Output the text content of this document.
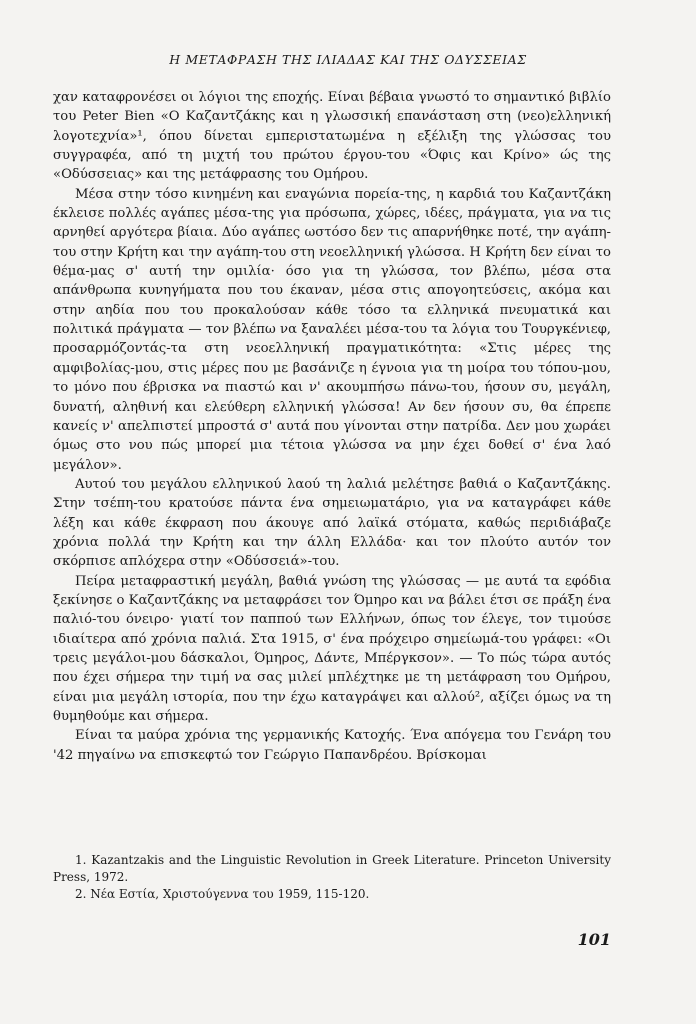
Η ΜΕΤΑΦΡΑΣΗ ΤΗΣ ΙΛΙΑΔΑΣ ΚΑΙ ΤΗΣ ΟΔΥΣΣΕΙΑΣ

χαν καταφρονέσει οι λόγιοι της εποχής. Είναι βέβαια γνωστό το σημαντικό βιβλίο του Peter Bien «Ο Καζαντζάκης και η γλωσσική επανάσταση στη (νεο)ελληνική λογοτεχνία»¹, όπου δίνεται εμπεριστατωμένα η εξέλιξη της γλώσσας του συγγραφέα, από τη μιχτή του πρώτου έργου-του «Όφις και Κρίνο» ώς της «Οδύσσειας» και της μετάφρασης του Ομήρου.

Μέσα στην τόσο κινημένη και εναγώνια πορεία-της, η καρδιά του Καζαντζάκη έκλεισε πολλές αγάπες μέσα-της για πρόσωπα, χώρες, ιδέες, πράγματα, για να τις αρνηθεί αργότερα βίαια. Δύο αγάπες ωστόσο δεν τις απαρνήθηκε ποτέ, την αγάπη-του στην Κρήτη και την αγάπη-του στη νεοελληνική γλώσσα. Η Κρήτη δεν είναι το θέμα-μας σ' αυτή την ομιλία· όσο για τη γλώσσα, τον βλέπω, μέσα στα απάνθρωπα κυνηγήματα που του έκαναν, μέσα στις απογοητεύσεις, ακόμα και στην αηδία που του προκαλούσαν κάθε τόσο τα ελληνικά πνευματικά και πολιτικά πράγματα — τον βλέπω να ξαναλέει μέσα-του τα λόγια του Τουργκένιεφ, προσαρμόζοντάς-τα στη νεοελληνική πραγματικότητα: «Στις μέρες της αμφιβολίας-μου, στις μέρες που με βασάνιζε η έγνοια για τη μοίρα του τόπου-μου, το μόνο που έβρισκα να πιαστώ και ν' ακουμπήσω πάνω-του, ήσουν συ, μεγάλη, δυνατή, αληθινή και ελεύθερη ελληνική γλώσσα! Αν δεν ήσουν συ, θα έπρεπε κανείς ν' απελπιστεί μπροστά σ' αυτά που γίνονται στην πατρίδα. Δεν μου χωράει όμως στο νου πώς μπορεί μια τέτοια γλώσσα να μην έχει δοθεί σ' ένα λαό μεγάλον».

Αυτού του μεγάλου ελληνικού λαού τη λαλιά μελέτησε βαθιά ο Καζαντζάκης. Στην τσέπη-του κρατούσε πάντα ένα σημειωματάριο, για να καταγράφει κάθε λέξη και κάθε έκφραση που άκουγε από λαϊκά στόματα, καθώς περιδιάβαζε χρόνια πολλά την Κρήτη και την άλλη Ελλάδα· και τον πλούτο αυτόν τον σκόρπισε απλόχερα στην «Οδύσσειά»-του.

Πείρα μεταφραστική μεγάλη, βαθιά γνώση της γλώσσας — με αυτά τα εφόδια ξεκίνησε ο Καζαντζάκης να μεταφράσει τον Όμηρο και να βάλει έτσι σε πράξη ένα παλιό-του όνειρο· γιατί τον παππού των Ελλήνων, όπως τον έλεγε, τον τιμούσε ιδιαίτερα από χρόνια παλιά. Στα 1915, σ' ένα πρόχειρο σημείωμά-του γράφει: «Οι τρεις μεγάλοι-μου δάσκαλοι, Όμηρος, Δάντε, Μπέργκσον». — Το πώς τώρα αυτός που έχει σήμερα την τιμή να σας μιλεί μπλέχτηκε με τη μετάφραση του Ομήρου, είναι μια μεγάλη ιστορία, που την έχω καταγράψει και αλλού², αξίζει όμως να τη θυμηθούμε και σήμερα.

Είναι τα μαύρα χρόνια της γερμανικής Κατοχής. Ένα απόγεμα του Γενάρη του '42 πηγαίνω να επισκεφτώ τον Γεώργιο Παπανδρέου. Βρίσκομαι

1. Kazantzakis and the Linguistic Revolution in Greek Literature. Princeton University Press, 1972.

2. Νέα Εστία, Χριστούγεννα του 1959, 115-120.

101
